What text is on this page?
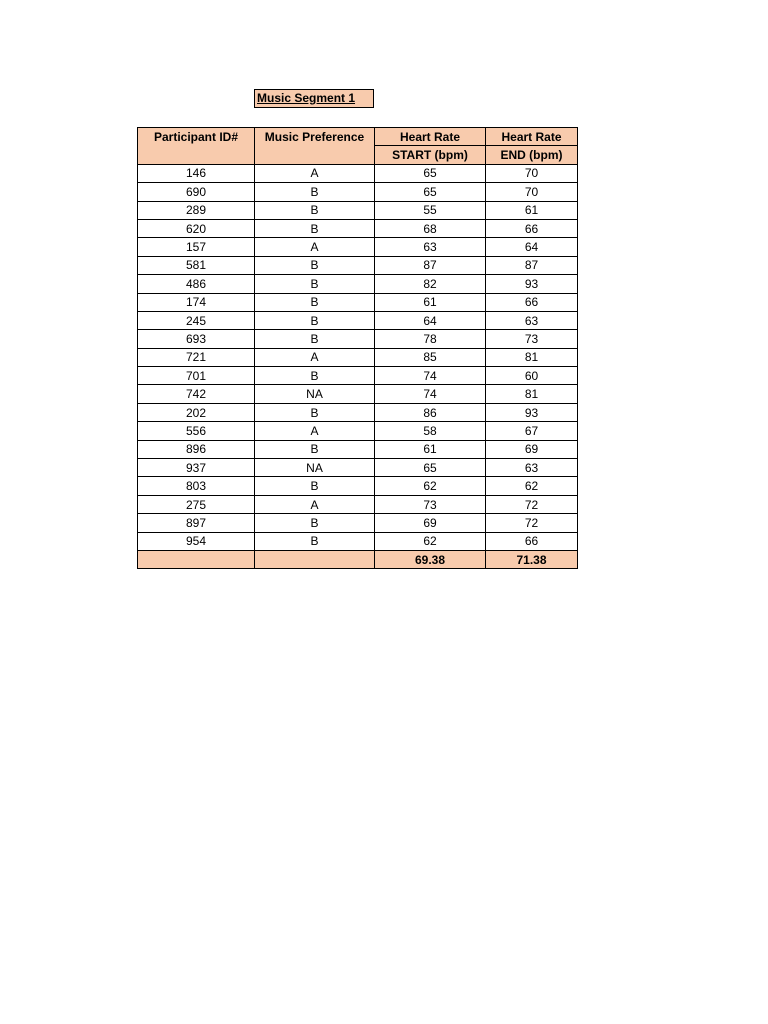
Music Segment 1
Participant ID#	Music Preference	Heart Rate	Heart Rate
		START (bpm)	END (bpm)
146	A	65	70
690	B	65	70
289	B	55	61
620	B	68	66
157	A	63	64
581	B	87	87
486	B	82	93
174	B	61	66
245	B	64	63
693	B	78	73
721	A	85	81
701	B	74	60
742	NA	74	81
202	B	86	93
556	A	58	67
896	B	61	69
937	NA	65	63
803	B	62	62
275	A	73	72
897	B	69	72
954	B	62	66
		69.38	71.38
